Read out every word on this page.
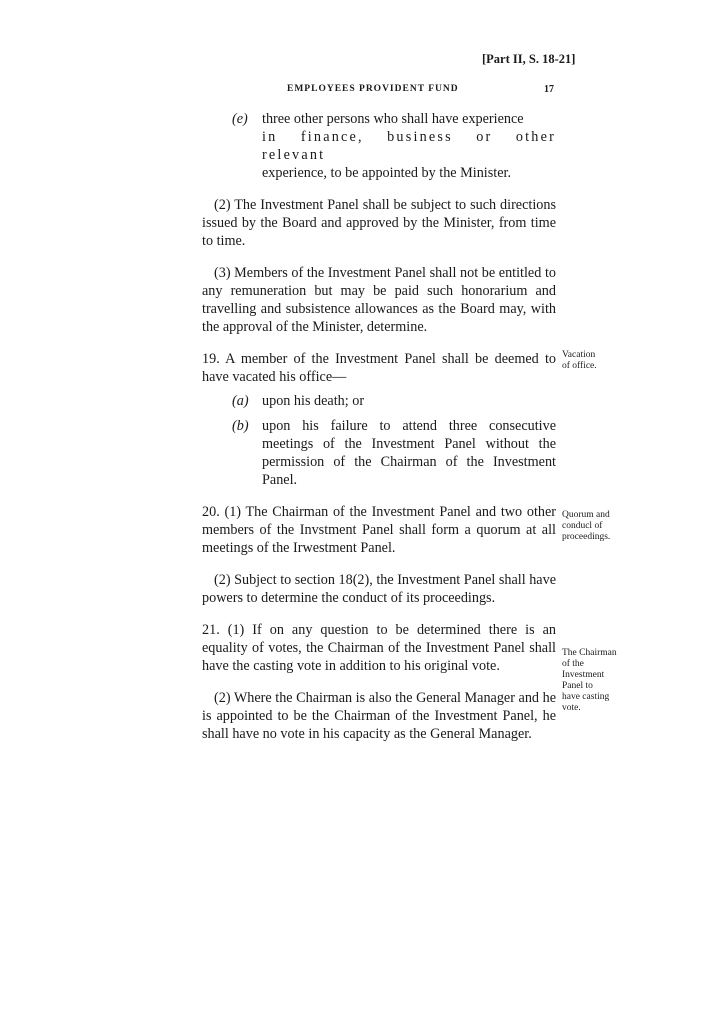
[Part II, S. 18-21]
EMPLOYEES PROVIDENT FUND	17
(e)	three other persons who shall have experience
in finance, business or other relevant
experience, to be appointed by the Minister.

(2) The Investment Panel shall be subject to such directions issued by the Board and approved by the Minister, from time to time.

(3) Members of the Investment Panel shall not be entitled to any remuneration but may be paid such honorarium and travelling and subsistence allowances as the Board may, with the approval of the Minister, determine.

19. A member of the Investment Panel shall be deemed to have vacated his office—

(a) upon his death; or
(b) upon his failure to attend three consecutive meetings of the Investment Panel without the permission of the Chairman of the Investment Panel.

20. (1) The Chairman of the Investment Panel and two other members of the Invstment Panel shall form a quorum at all meetings of the Irwestment Panel.

(2) Subject to section 18(2), the Investment Panel shall have powers to determine the conduct of its proceedings.

21. (1) If on any question to be determined there is an equality of votes, the Chairman of the Investment Panel shall have the casting vote in addition to his original vote.

(2) Where the Chairman is also the General Manager and he is appointed to be the Chairman of the Investment Panel, he shall have no vote in his capacity as the General Manager.

Vacation
of office.
Quorum and
conducl of
proceedings.
The Chairman
of the
Investment
Panel to
have casting
vote.
